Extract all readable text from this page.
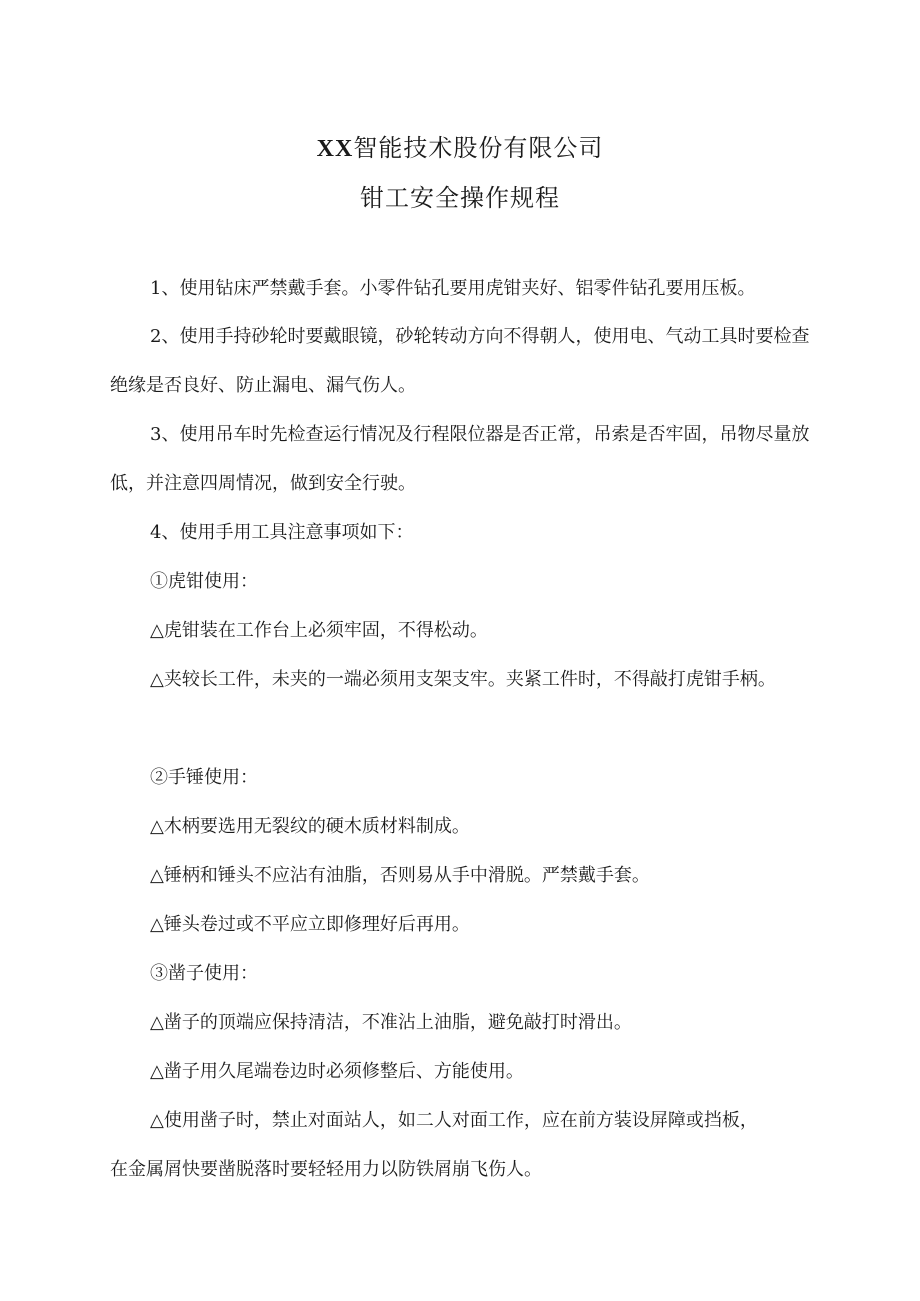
XX智能技术股份有限公司
钳工安全操作规程

1、使用钻床严禁戴手套。小零件钻孔要用虎钳夹好、铝零件钻孔要用压板。

2、使用手持砂轮时要戴眼镜，砂轮转动方向不得朝人，使用电、气动工具时要检查绝缘是否良好、防止漏电、漏气伤人。

3、使用吊车时先检查运行情况及行程限位器是否正常，吊索是否牢固，吊物尽量放低，并注意四周情况，做到安全行驶。

4、使用手用工具注意事项如下：

①虎钳使用：

△虎钳装在工作台上必须牢固，不得松动。

△夹较长工件，未夹的一端必须用支架支牢。夹紧工件时，不得敲打虎钳手柄。

②手锤使用：

△木柄要选用无裂纹的硬木质材料制成。

△锤柄和锤头不应沾有油脂，否则易从手中滑脱。严禁戴手套。

△锤头卷过或不平应立即修理好后再用。

③凿子使用：

△凿子的顶端应保持清洁，不准沾上油脂，避免敲打时滑出。

△凿子用久尾端卷边时必须修整后、方能使用。

△使用凿子时，禁止对面站人，如二人对面工作，应在前方装设屏障或挡板，在金属屑快要凿脱落时要轻轻用力以防铁屑崩飞伤人。
